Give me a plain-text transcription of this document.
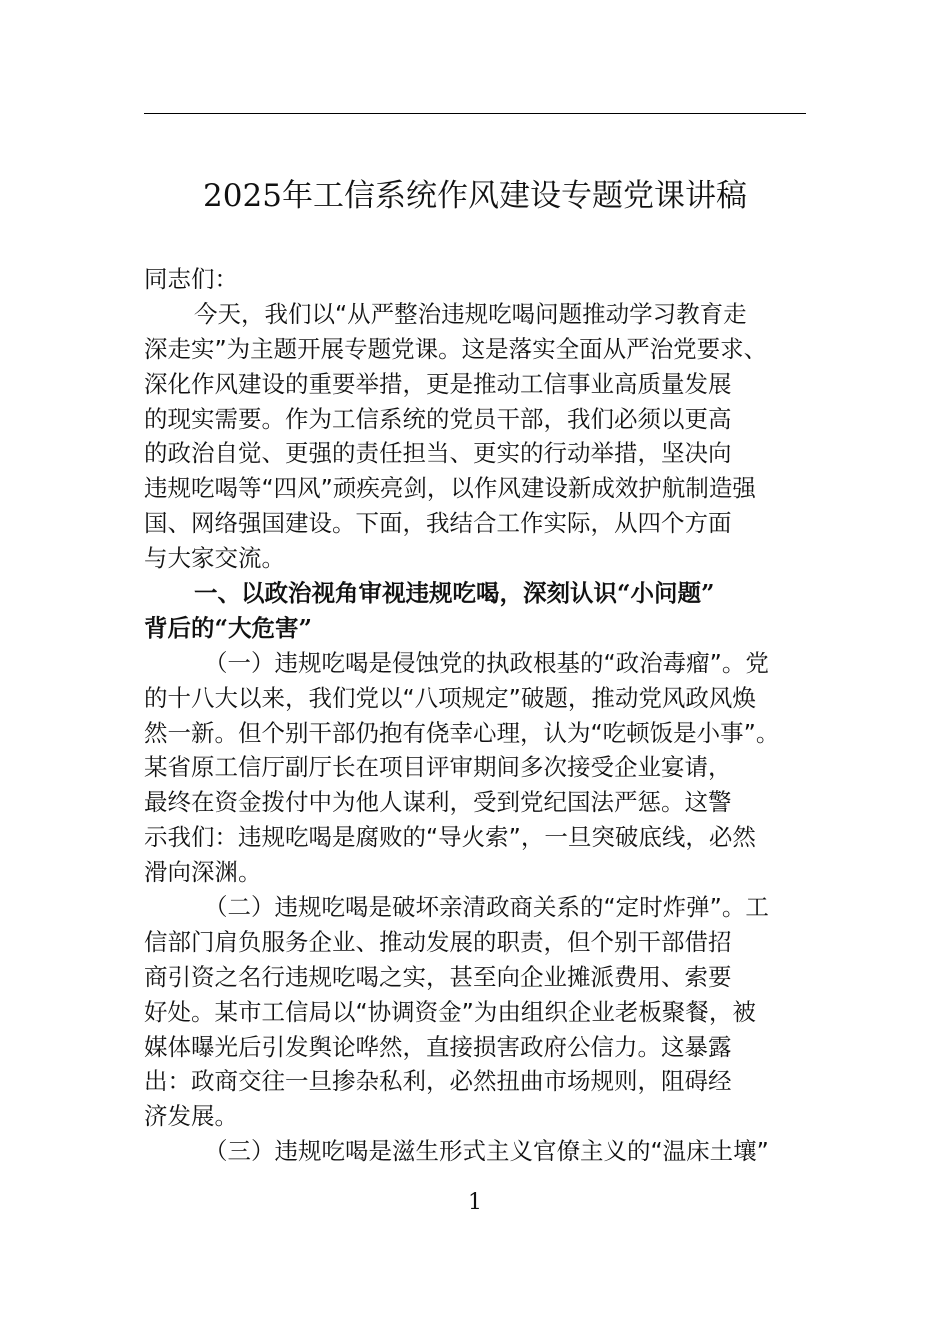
2025年工信系统作风建设专题党课讲稿
同志们：
今天，我们以“从严整治违规吃喝问题推动学习教育走
深走实”为主题开展专题党课。这是落实全面从严治党要求、
深化作风建设的重要举措，更是推动工信事业高质量发展
的现实需要。作为工信系统的党员干部，我们必须以更高
的政治自觉、更强的责任担当、更实的行动举措，坚决向
违规吃喝等“四风”顽疾亮剑，以作风建设新成效护航制造强
国、网络强国建设。下面，我结合工作实际，从四个方面
与大家交流。
一、以政治视角审视违规吃喝，深刻认识“小问题”
背后的“大危害”
（一）违规吃喝是侵蚀党的执政根基的“政治毒瘤”。党
的十八大以来，我们党以“八项规定”破题，推动党风政风焕
然一新。但个别干部仍抱有侥幸心理，认为“吃顿饭是小事”。
某省原工信厅副厅长在项目评审期间多次接受企业宴请，
最终在资金拨付中为他人谋利，受到党纪国法严惩。这警
示我们：违规吃喝是腐败的“导火索”，一旦突破底线，必然
滑向深渊。
（二）违规吃喝是破坏亲清政商关系的“定时炸弹”。工
信部门肩负服务企业、推动发展的职责，但个别干部借招
商引资之名行违规吃喝之实，甚至向企业摊派费用、索要
好处。某市工信局以“协调资金”为由组织企业老板聚餐，被
媒体曝光后引发舆论哗然，直接损害政府公信力。这暴露
出：政商交往一旦掺杂私利，必然扭曲市场规则，阻碍经
济发展。
（三）违规吃喝是滋生形式主义官僚主义的“温床土壤”
1
